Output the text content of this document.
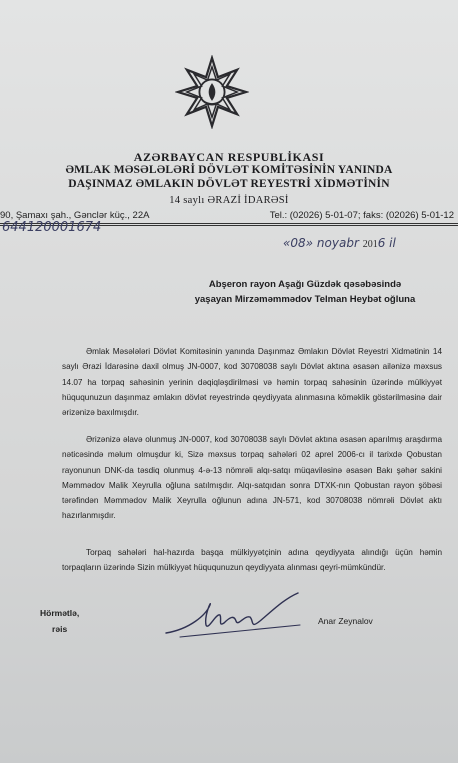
AZƏRBAYCAN RESPUBLİKASI
ƏMLAK MƏSƏLƏLƏRİ DÖVLƏT KOMİTƏSİNİN YANINDA
DAŞINMAZ ƏMLAKIN DÖVLƏT REYESTRİ XİDMƏTİNİN
14 saylı ƏRAZİ İDARƏSİ
90, Şamaxı şah., Gənclər küç., 22A	Tel.: (02026) 5-01-07; faks: (02026) 5-01-12
644120001674
«08» noyabr 2016 il
Abşeron rayon Aşağı Güzdək qəsəbəsində
yaşayan Mirzəməmmədov Telman Heybət oğluna

Əmlak Məsələləri Dövlət Komitəsinin yanında Daşınmaz Əmlakın Dövlət Reyestri Xidmətinin 14 saylı Ərazi İdarəsinə daxil olmuş JN-0007, kod 30708038 saylı Dövlət aktına əsasən ailənizə məxsus 14.07 ha torpaq sahəsinin yerinin dəqiqləşdirilməsi və həmin torpaq sahəsinin üzərində mülkiyyət hüququnuzun daşınmaz əmlakın dövlət reyestrində qeydiyyata alınmasına köməklik göstərilməsinə dair ərizənizə baxılmışdır.

Ərizənizə əlavə olunmuş JN-0007, kod 30708038 saylı Dövlət aktına əsasən aparılmış araşdırma nəticəsində məlum olmuşdur ki, Sizə məxsus torpaq sahələri 02 aprel 2006-cı il tarixdə Qobustan rayonunun DNK-da təsdiq olunmuş 4-ə-13 nömrəli alqı-satqı müqaviləsinə əsasən Bakı şəhər sakini Məmmədov Malik Xeyrulla oğluna satılmışdır. Alqı-satqıdan sonra DTXK-nın Qobustan rayon şöbəsi tərəfindən Məmmədov Malik Xeyrulla oğlunun adına JN-571, kod 30708038 nömrəli Dövlət aktı hazırlanmışdır.

Torpaq sahələri hal-hazırda başqa mülkiyyətçinin adına qeydiyyata alındığı üçün həmin torpaqların üzərində Sizin mülkiyyət hüququnuzun qeydiyyata alınması qeyri-mümkündür.

Hörmətlə,
rəis
Anar Zeynalov
